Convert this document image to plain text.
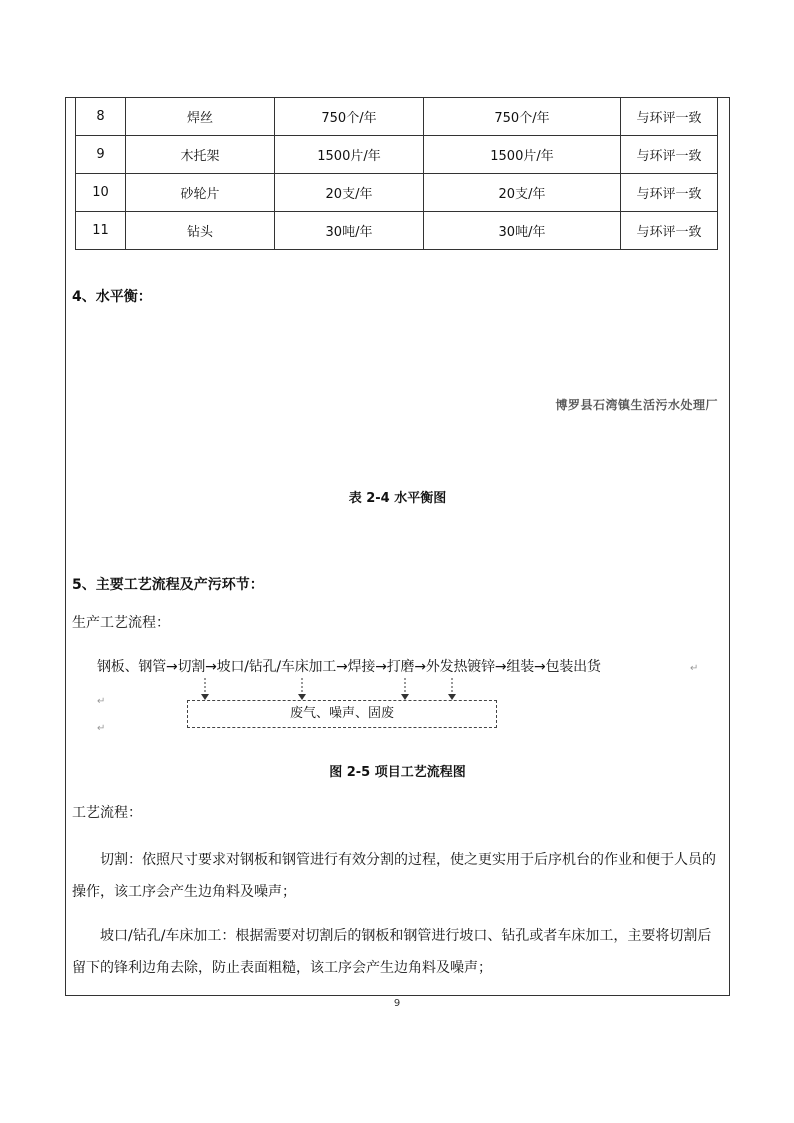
8	焊丝	750个/年	750个/年	与环评一致
9	木托架	1500片/年	1500片/年	与环评一致
10	砂轮片	20支/年	20支/年	与环评一致
11	钻头	30吨/年	30吨/年	与环评一致
4、水平衡：
博罗县石湾镇生活污水处理厂
表 2-4 水平衡图
5、主要工艺流程及产污环节：
生产工艺流程：
钢板、钢管→切割→坡口/钻孔/车床加工→焊接→打磨→外发热镀锌→组装→包装出货	↵
↵
↵
废气、噪声、固废
图 2-5 项目工艺流程图
工艺流程：
切割：依照尺寸要求对钢板和钢管进行有效分割的过程，使之更实用于后序机台的作业和便于人员的操作，该工序会产生边角料及噪声；
坡口/钻孔/车床加工：根据需要对切割后的钢板和钢管进行坡口、钻孔或者车床加工，主要将切割后留下的锋利边角去除，防止表面粗糙，该工序会产生边角料及噪声；
9
